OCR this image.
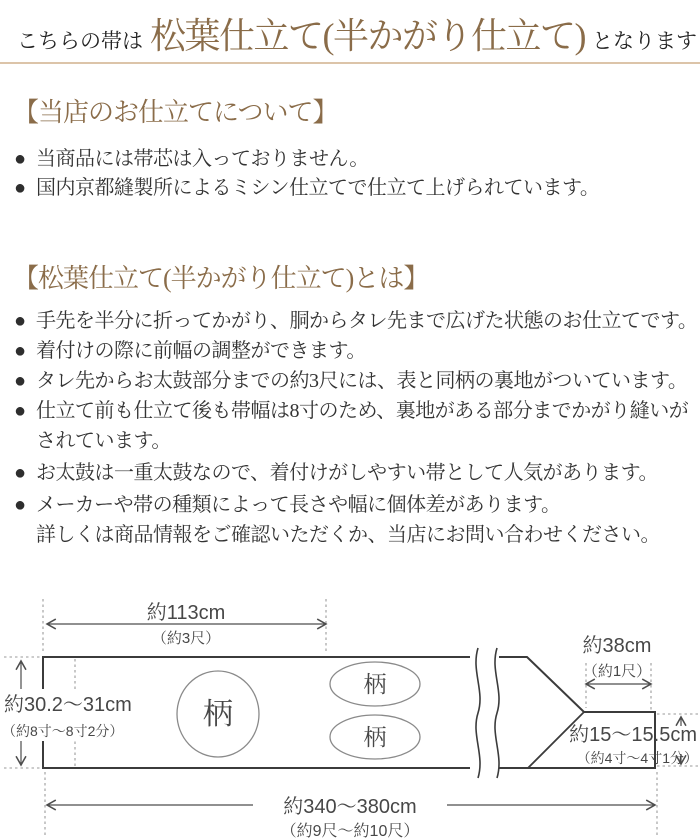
こちらの帯は 松葉仕立て(半かがり仕立て) となります
【当店のお仕立てについて】
● 当商品には帯芯は入っておりません。
● 国内京都縫製所によるミシン仕立てで仕立て上げられています。
【松葉仕立て(半かがり仕立て)とは】
● 手先を半分に折ってかがり、胴からタレ先まで広げた状態のお仕立てです。
● 着付けの際に前幅の調整ができます。
● タレ先からお太鼓部分までの約3尺には、表と同柄の裏地がついています。
● 仕立て前も仕立て後も帯幅は8寸のため、裏地がある部分までかがり縫いが
されています。
● お太鼓は一重太鼓なので、着付けがしやすい帯として人気があります。
● メーカーや帯の種類によって長さや幅に個体差があります。
詳しくは商品情報をご確認いただくか、当店にお問い合わせください。
約113cm
（約3尺）
約30.2〜31cm
（約8寸〜8寸2分）
約38cm
（約1尺）
約15〜15.5cm
（約4寸〜4寸1分）
約340〜380cm
（約9尺〜約10尺）
柄
柄
柄
